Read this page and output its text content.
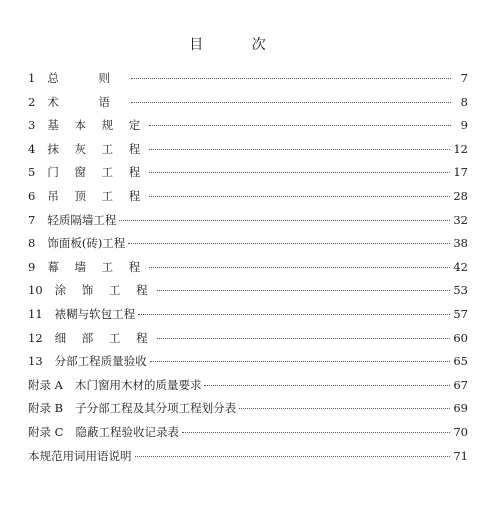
目 次
1 总 则	7
2 术 语	8
3 基 本 规 定	9
4 抹 灰 工 程	12
5 门 窗 工 程	17
6 吊 顶 工 程	28
7 轻质隔墙工程	32
8 饰面板(砖)工程	38
9 幕 墙 工 程	42
10 涂 饰 工 程	53
11 裱糊与软包工程	57
12 细 部 工 程	60
13 分部工程质量验收	65
附录 A 木门窗用木材的质量要求	67
附录 B 子分部工程及其分项工程划分表	69
附录 C 隐蔽工程验收记录表	70
本规范用词用语说明	71
